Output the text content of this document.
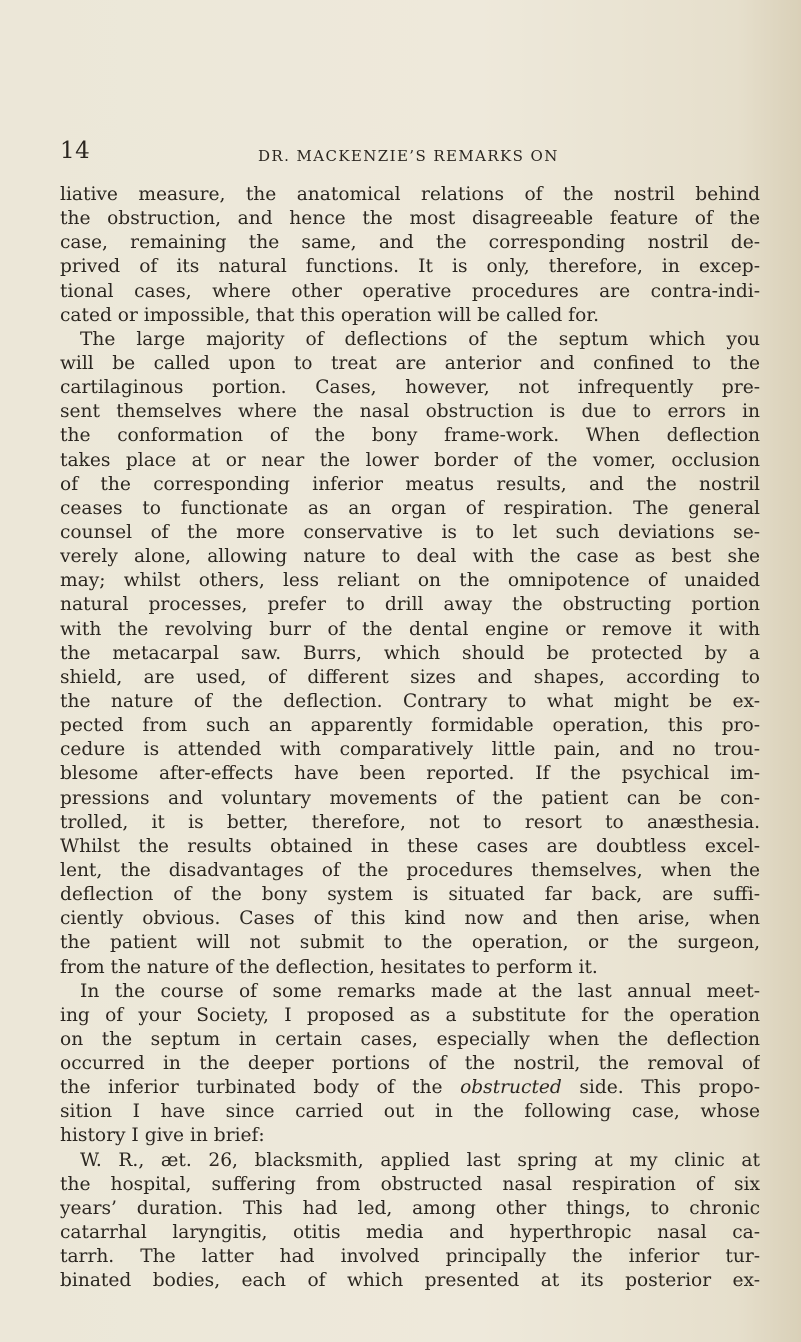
14	DR. MACKENZIE’S REMARKS ON
liative measure, the anatomical relations of the nostril behind
the obstruction, and hence the most disagreeable feature of the
case, remaining the same, and the corresponding nostril de-
prived of its natural functions. It is only, therefore, in excep-
tional cases, where other operative procedures are contra-indi-
cated or impossible, that this operation will be called for.
The large majority of deflections of the septum which you
will be called upon to treat are anterior and confined to the
cartilaginous portion. Cases, however, not infrequently pre-
sent themselves where the nasal obstruction is due to errors in
the conformation of the bony frame-work. When deflection
takes place at or near the lower border of the vomer, occlusion
of the corresponding inferior meatus results, and the nostril
ceases to functionate as an organ of respiration. The general
counsel of the more conservative is to let such deviations se-
verely alone, allowing nature to deal with the case as best she
may; whilst others, less reliant on the omnipotence of unaided
natural processes, prefer to drill away the obstructing portion
with the revolving burr of the dental engine or remove it with
the metacarpal saw. Burrs, which should be protected by a
shield, are used, of different sizes and shapes, according to
the nature of the deflection. Contrary to what might be ex-
pected from such an apparently formidable operation, this pro-
cedure is attended with comparatively little pain, and no trou-
blesome after-effects have been reported. If the psychical im-
pressions and voluntary movements of the patient can be con-
trolled, it is better, therefore, not to resort to anæsthesia.
Whilst the results obtained in these cases are doubtless excel-
lent, the disadvantages of the procedures themselves, when the
deflection of the bony system is situated far back, are suffi-
ciently obvious. Cases of this kind now and then arise, when
the patient will not submit to the operation, or the surgeon,
from the nature of the deflection, hesitates to perform it.
In the course of some remarks made at the last annual meet-
ing of your Society, I proposed as a substitute for the operation
on the septum in certain cases, especially when the deflection
occurred in the deeper portions of the nostril, the removal of
the inferior turbinated body of the obstructed side. This propo-
sition I have since carried out in the following case, whose
history I give in brief:
W. R., æt. 26, blacksmith, applied last spring at my clinic at
the hospital, suffering from obstructed nasal respiration of six
years’ duration. This had led, among other things, to chronic
catarrhal laryngitis, otitis media and hyperthropic nasal ca-
tarrh. The latter had involved principally the inferior tur-
binated bodies, each of which presented at its posterior ex-
